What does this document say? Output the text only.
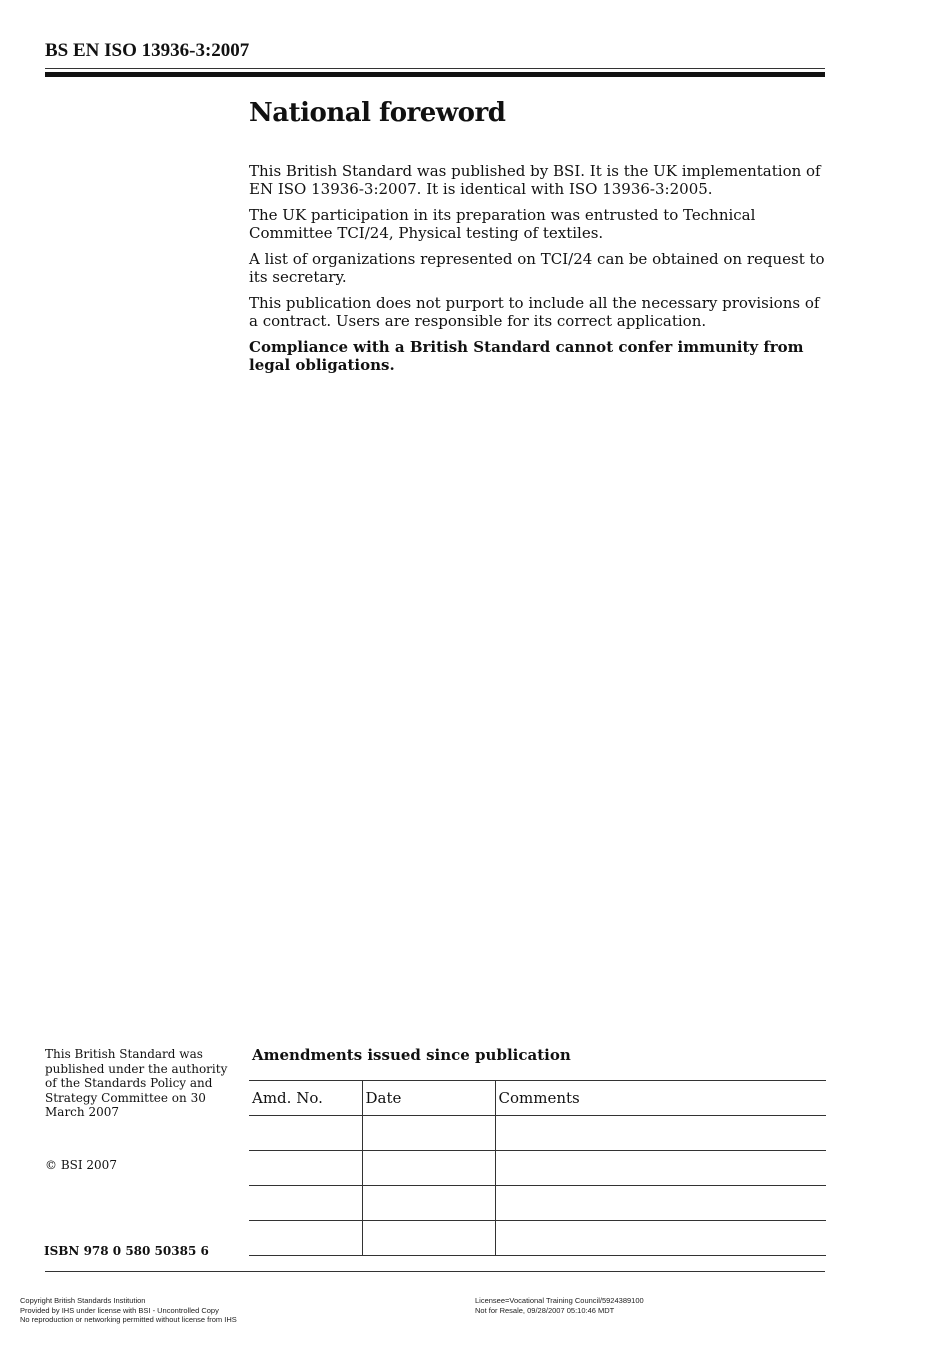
BS EN ISO 13936-3:2007
National foreword

This British Standard was published by BSI. It is the UK implementation of EN ISO 13936-3:2007. It is identical with ISO 13936-3:2005.

The UK participation in its preparation was entrusted to Technical Committee TCI/24, Physical testing of textiles.

A list of organizations represented on TCI/24 can be obtained on request to its secretary.

This publication does not purport to include all the necessary provisions of a contract. Users are responsible for its correct application.

Compliance with a British Standard cannot confer immunity from legal obligations.

This British Standard was published under the authority of the Standards Policy and Strategy Committee on 30 March 2007
© BSI 2007
ISBN 978 0 580 50385 6
Amendments issued since publication
Amd. No.	Date	Comments

Copyright British Standards Institution
Provided by IHS under license with BSI - Uncontrolled Copy
No reproduction or networking permitted without license from IHS
Licensee=Vocational Training Council/5924389100
Not for Resale, 09/28/2007 05:10:46 MDT
